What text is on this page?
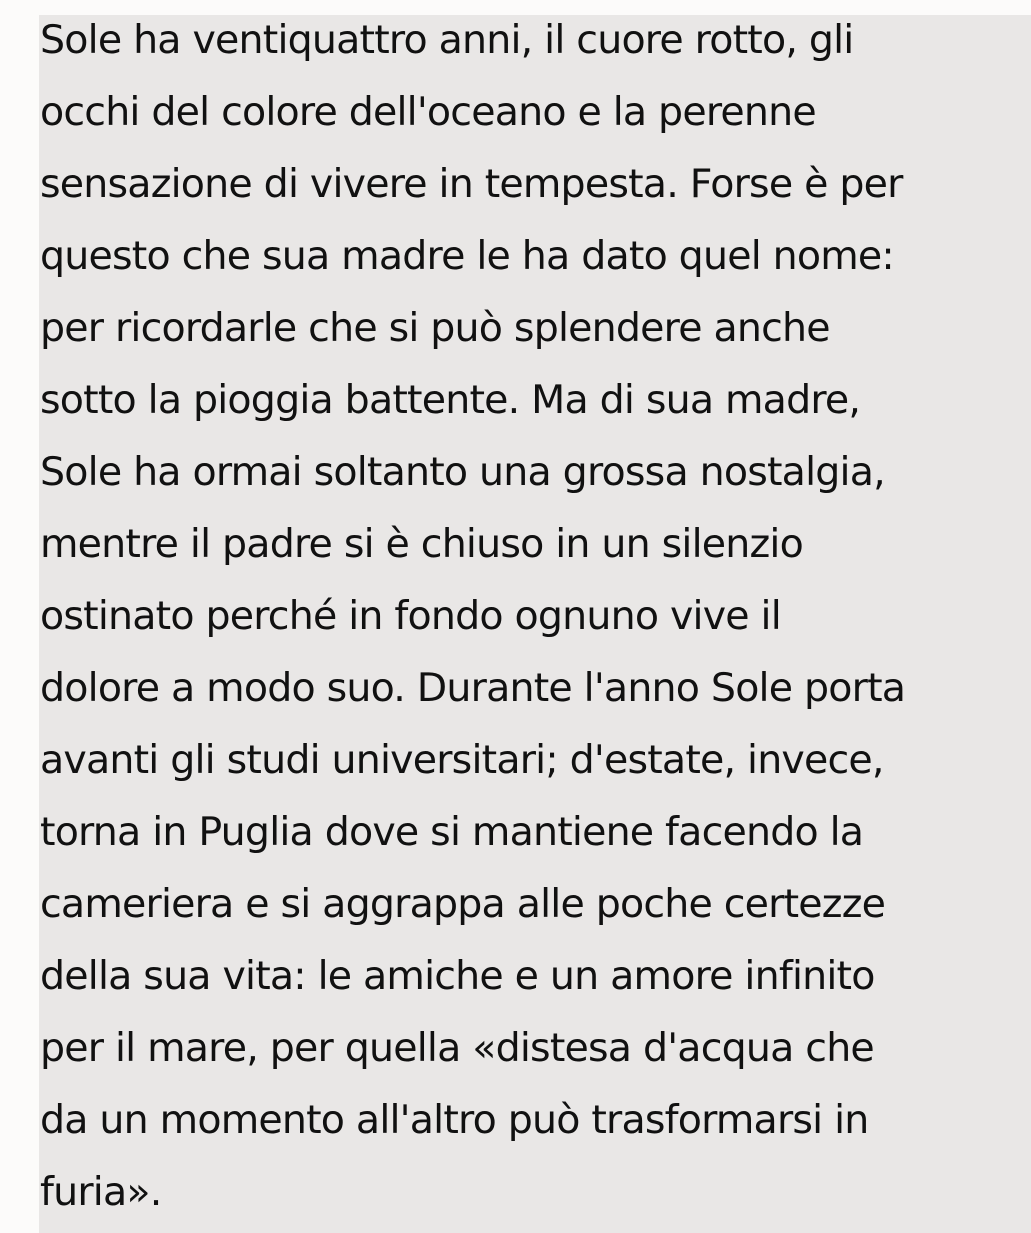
Sole ha ventiquattro anni, il cuore rotto, gli
occhi del colore dell'oceano e la perenne
sensazione di vivere in tempesta. Forse è per
questo che sua madre le ha dato quel nome:
per ricordarle che si può splendere anche
sotto la pioggia battente. Ma di sua madre,
Sole ha ormai soltanto una grossa nostalgia,
mentre il padre si è chiuso in un silenzio
ostinato perché in fondo ognuno vive il
dolore a modo suo. Durante l'anno Sole porta
avanti gli studi universitari; d'estate, invece,
torna in Puglia dove si mantiene facendo la
cameriera e si aggrappa alle poche certezze
della sua vita: le amiche e un amore infinito
per il mare, per quella «distesa d'acqua che
da un momento all'altro può trasformarsi in
furia».
